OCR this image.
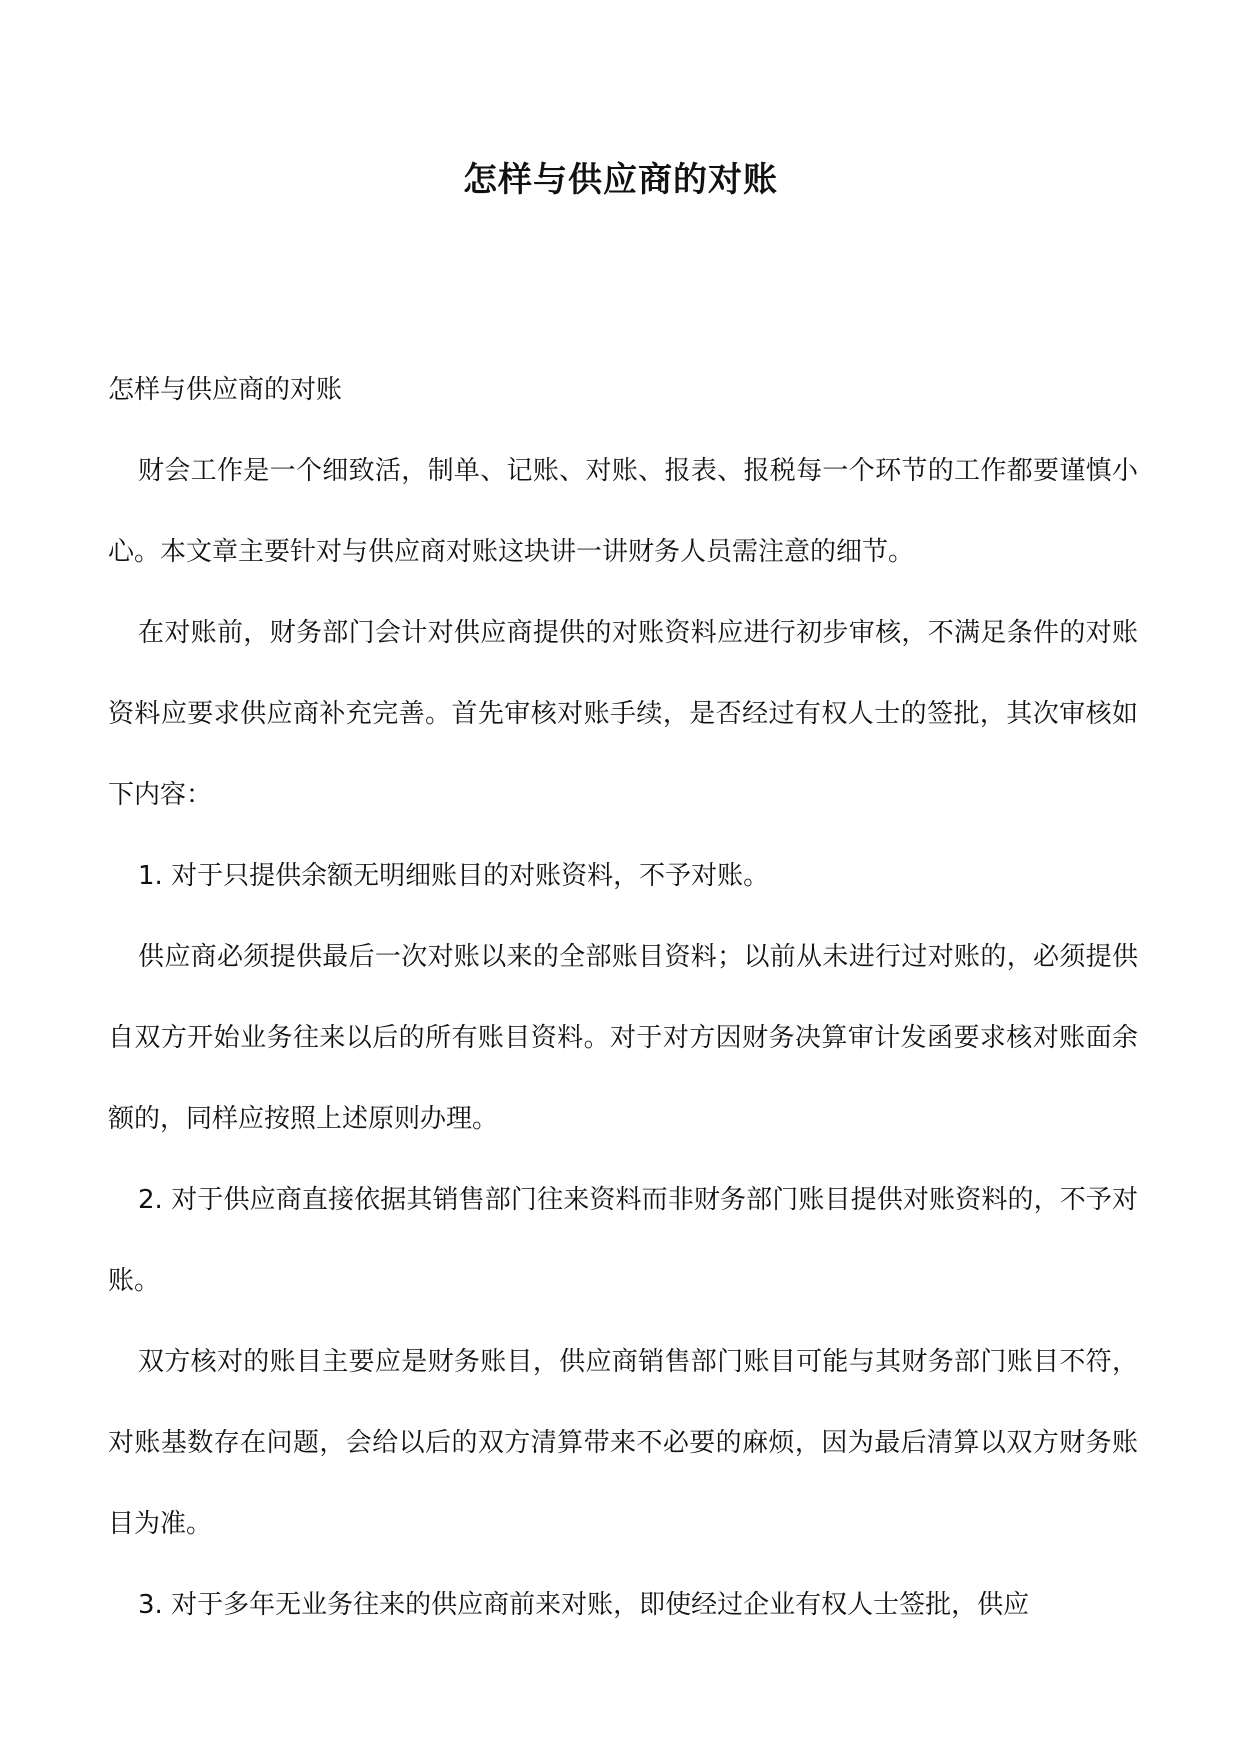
怎样与供应商的对账

怎样与供应商的对账

财会工作是一个细致活，制单、记账、对账、报表、报税每一个环节的工作都要谨慎小心。本文章主要针对与供应商对账这块讲一讲财务人员需注意的细节。

在对账前，财务部门会计对供应商提供的对账资料应进行初步审核，不满足条件的对账资料应要求供应商补充完善。首先审核对账手续，是否经过有权人士的签批，其次审核如下内容：

1. 对于只提供余额无明细账目的对账资料，不予对账。

供应商必须提供最后一次对账以来的全部账目资料；以前从未进行过对账的，必须提供自双方开始业务往来以后的所有账目资料。对于对方因财务决算审计发函要求核对账面余额的，同样应按照上述原则办理。

2. 对于供应商直接依据其销售部门往来资料而非财务部门账目提供对账资料的，不予对账。

双方核对的账目主要应是财务账目，供应商销售部门账目可能与其财务部门账目不符，对账基数存在问题，会给以后的双方清算带来不必要的麻烦，因为最后清算以双方财务账目为准。

3. 对于多年无业务往来的供应商前来对账，即使经过企业有权人士签批，供应
